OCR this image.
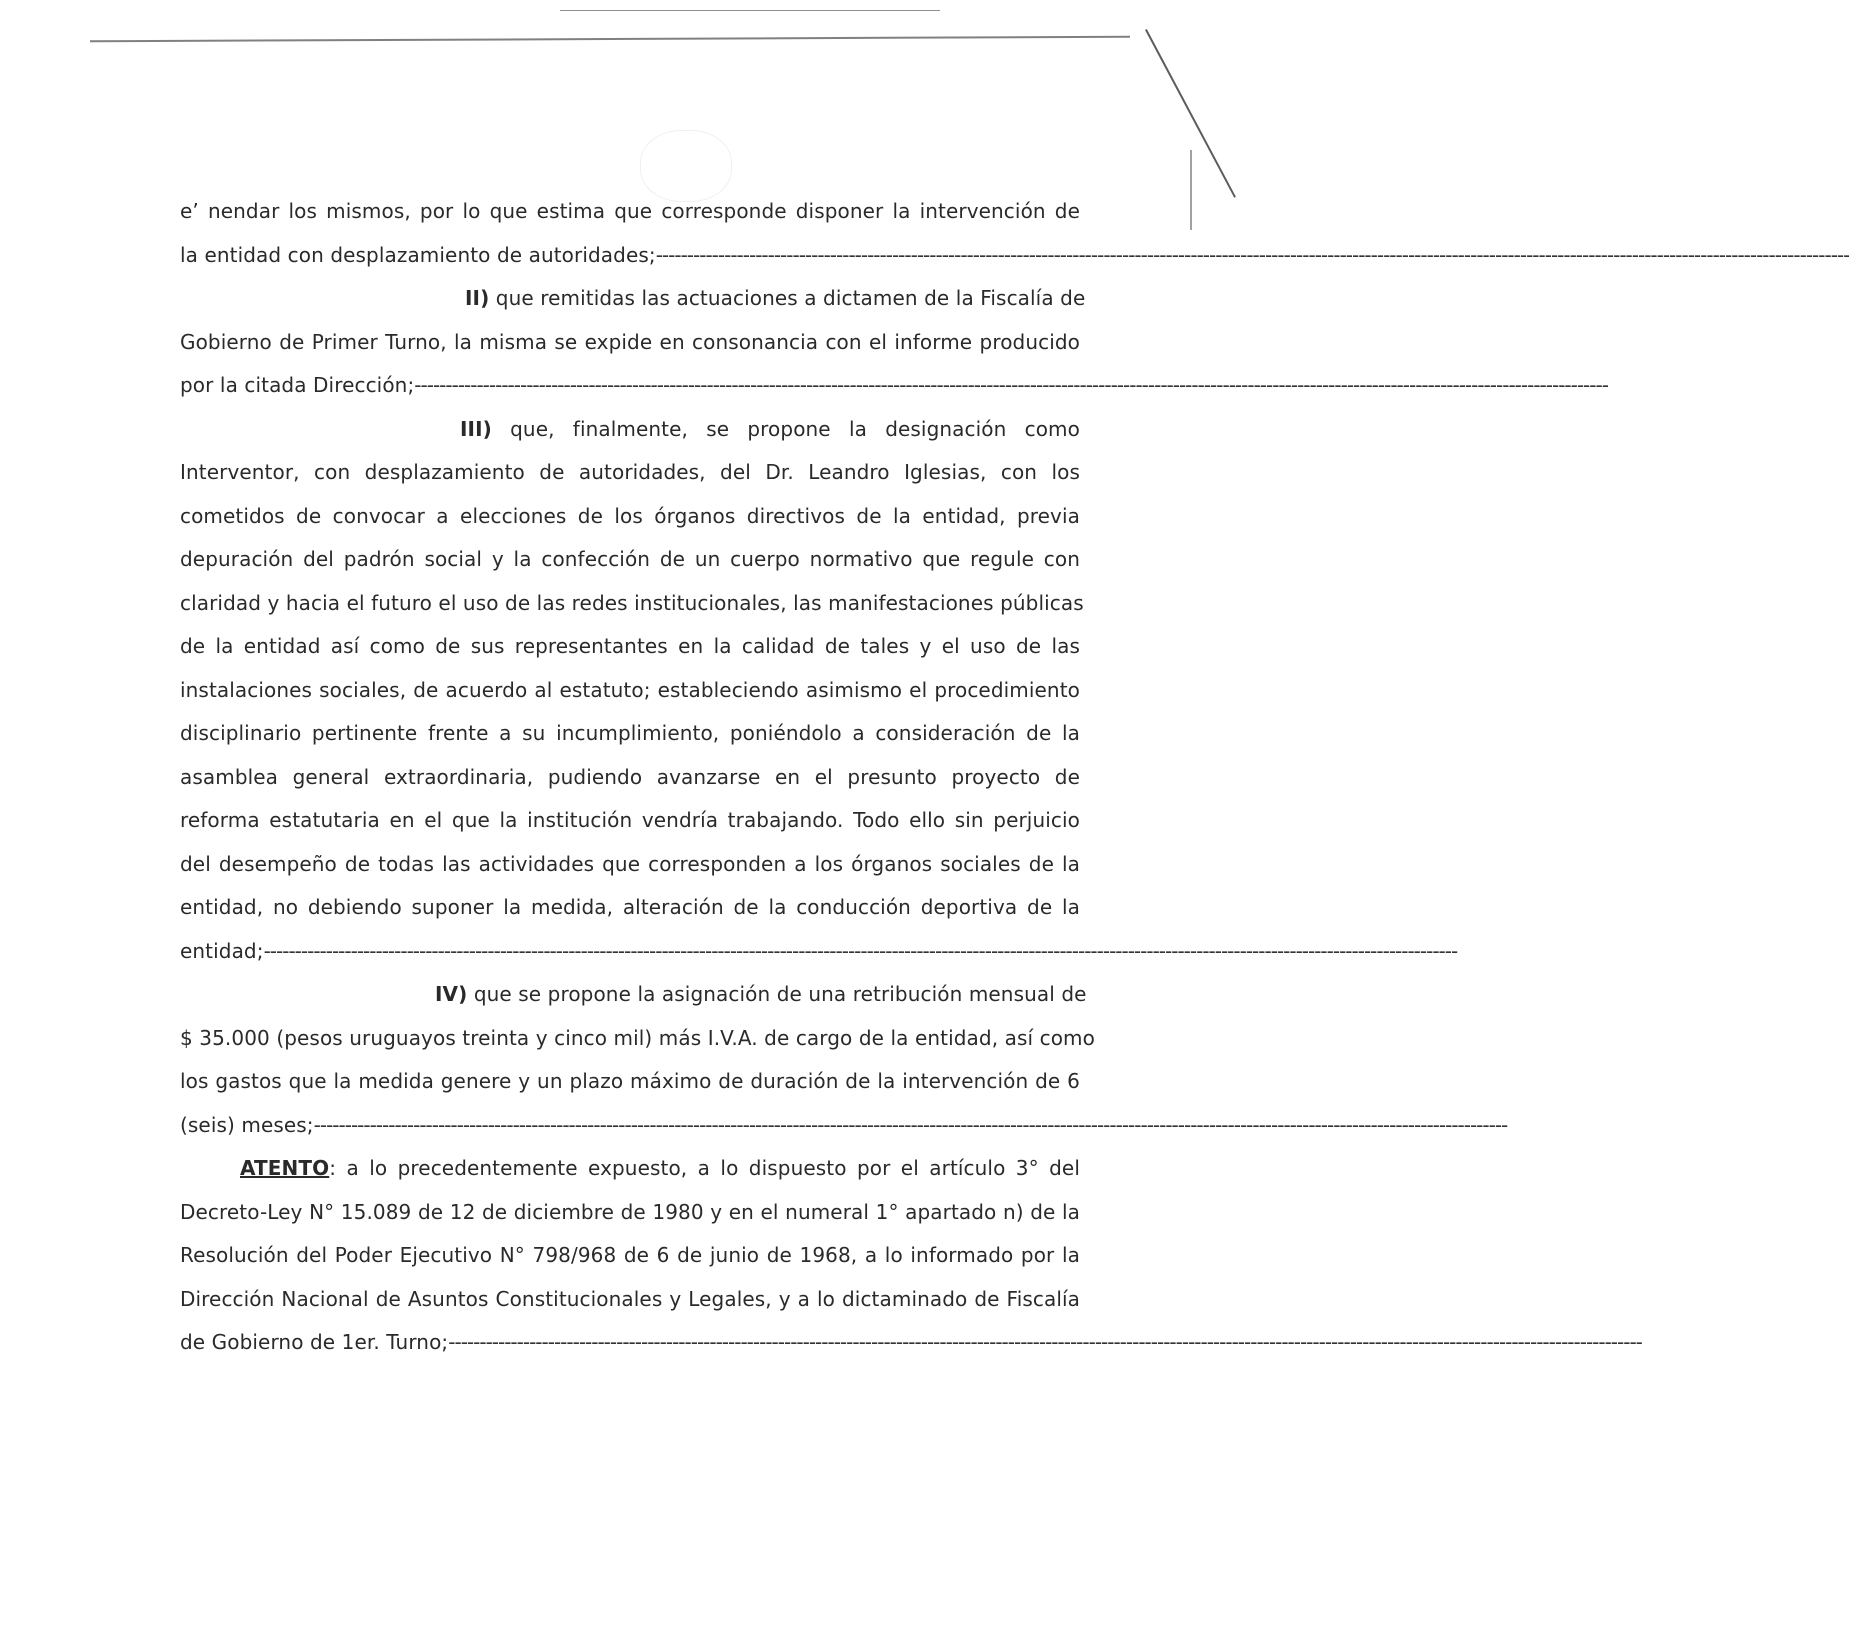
e’ nendar los mismos, por lo que estima que corresponde disponer la intervención de
la entidad con desplazamiento de autoridades; ------------------------------------------------------------------------------------------------------------------------------------------------------------------------------------------------
II) que remitidas las actuaciones a dictamen de la Fiscalía de
Gobierno de Primer Turno, la misma se expide en consonancia con el informe producido
por la citada Dirección; ------------------------------------------------------------------------------------------------------------------------------------------------------------------------------------------------
III) que, finalmente, se propone la designación como
Interventor, con desplazamiento de autoridades, del Dr. Leandro Iglesias, con los
cometidos de convocar a elecciones de los órganos directivos de la entidad, previa
depuración del padrón social y la confección de un cuerpo normativo que regule con
claridad y hacia el futuro el uso de las redes institucionales, las manifestaciones públicas
de la entidad así como de sus representantes en la calidad de tales y el uso de las
instalaciones sociales, de acuerdo al estatuto; estableciendo asimismo el procedimiento
disciplinario pertinente frente a su incumplimiento, poniéndolo a consideración de la
asamblea general extraordinaria, pudiendo avanzarse en el presunto proyecto de
reforma estatutaria en el que la institución vendría trabajando. Todo ello sin perjuicio
del desempeño de todas las actividades que corresponden a los órganos sociales de la
entidad, no debiendo suponer la medida, alteración de la conducción deportiva de la
entidad; ------------------------------------------------------------------------------------------------------------------------------------------------------------------------------------------------
IV) que se propone la asignación de una retribución mensual de
$ 35.000 (pesos uruguayos treinta y cinco mil) más I.V.A. de cargo de la entidad, así como
los gastos que la medida genere y un plazo máximo de duración de la intervención de 6
(seis) meses; ------------------------------------------------------------------------------------------------------------------------------------------------------------------------------------------------
ATENTO: a lo precedentemente expuesto, a lo dispuesto por el artículo 3° del
Decreto-Ley N° 15.089 de 12 de diciembre de 1980 y en el numeral 1° apartado n) de la
Resolución del Poder Ejecutivo N° 798/968 de 6 de junio de 1968, a lo informado por la
Dirección Nacional de Asuntos Constitucionales y Legales, y a lo dictaminado de Fiscalía
de Gobierno de 1er. Turno; ------------------------------------------------------------------------------------------------------------------------------------------------------------------------------------------------
